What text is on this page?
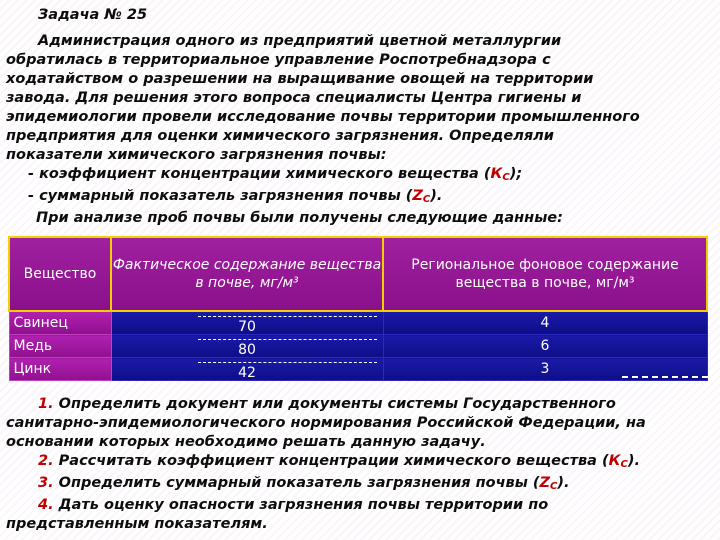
Задача № 25

Администрация одного из предприятий цветной металлургии

обратилась в территориальное управление Роспотребнадзора с

ходатайством о разрешении на выращивание овощей на территории

завода. Для решения этого вопроса специалисты Центра гигиены и

эпидемиологии провели исследование почвы территории промышленного

предприятия для оценки химического загрязнения. Определяли

показатели химического загрязнения почвы:

- коэффициент концентрации химического вещества $(К_С)$;

- суммарный показатель загрязнения почвы $(Z_С)$.

При анализе проб почвы были получены следующие данные:

Вещество	Фактическое содержание вещества в почве, мг/м³	Региональное фоновое содержание вещества в почве, мг/м³
Свинец	70	4
Медь	80	6
Цинк	42	3

1. Определить документ или документы системы Государственного

санитарно-эпидемиологического нормирования Российской Федерации, на

основании которых необходимо решать данную задачу.

2. Рассчитать коэффициент концентрации химического вещества $(К_С)$.

3. Определить суммарный показатель загрязнения почвы $(Z_С)$.

4. Дать оценку опасности загрязнения почвы территории по

представленным показателям.
